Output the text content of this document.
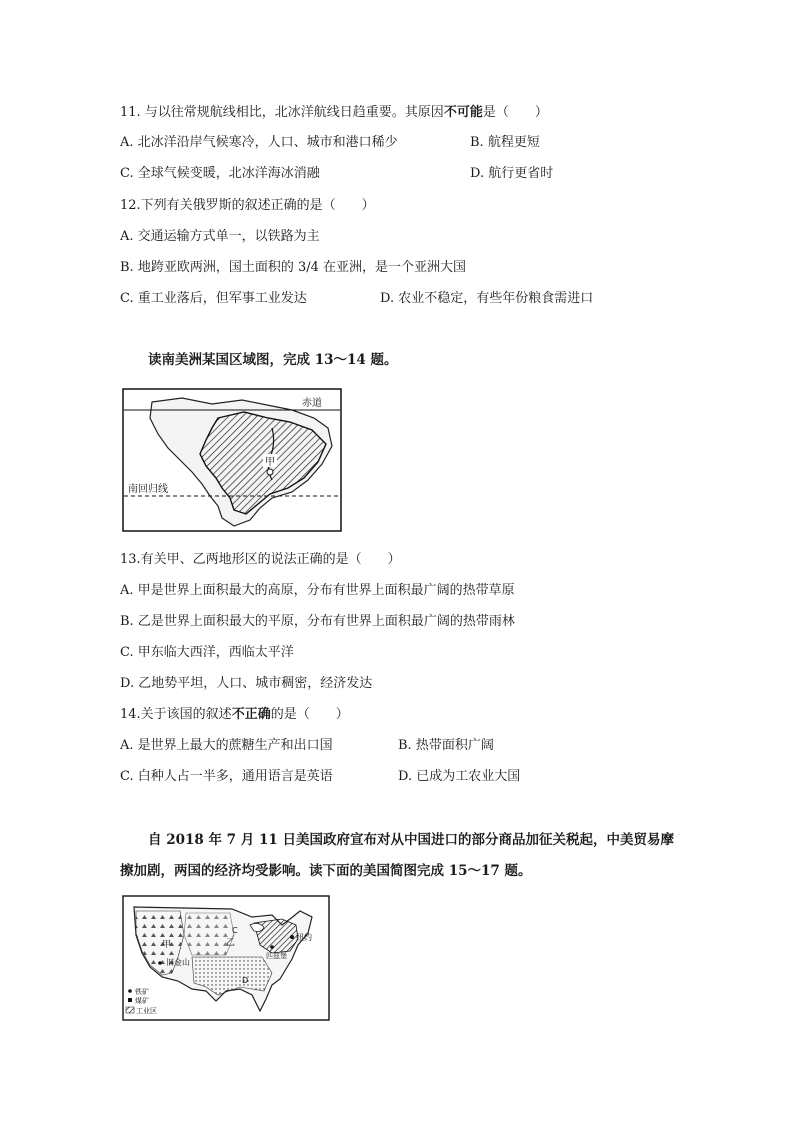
11. 与以往常规航线相比，北冰洋航线日趋重要。其原因不可能是（　　）
A. 北冰洋沿岸气候寒冷，人口、城市和港口稀少	B. 航程更短
C. 全球气候变暖，北冰洋海冰消融	D. 航行更省时
12.下列有关俄罗斯的叙述正确的是（　　）
A. 交通运输方式单一，以铁路为主
B. 地跨亚欧两洲，国土面积的 3/4 在亚洲，是一个亚洲大国
C. 重工业落后，但军事工业发达	D. 农业不稳定，有些年份粮食需进口
读南美洲某国区域图，完成 13～14 题。
赤道
南回归线
甲
13.有关甲、乙两地形区的说法正确的是（　　）
A. 甲是世界上面积最大的高原，分布有世界上面积最广阔的热带草原
B. 乙是世界上面积最大的平原，分布有世界上面积最广阔的热带雨林
C. 甲东临大西洋，西临太平洋
D. 乙地势平坦，人口、城市稠密，经济发达
14.关于该国的叙述不正确的是（　　）
A. 是世界上最大的蔗糖生产和出口国	B. 热带面积广阔
C. 白种人占一半多，通用语言是英语	D. 已成为工农业大国
自 2018 年 7 月 11 日美国政府宣布对从中国进口的部分商品加征关税起，中美贸易摩
擦加剧，两国的经济均受影响。读下面的美国简图完成 15～17 题。
甲
旧金山
乙
C
D
纽约
匹兹堡
铁矿
煤矿
工业区
